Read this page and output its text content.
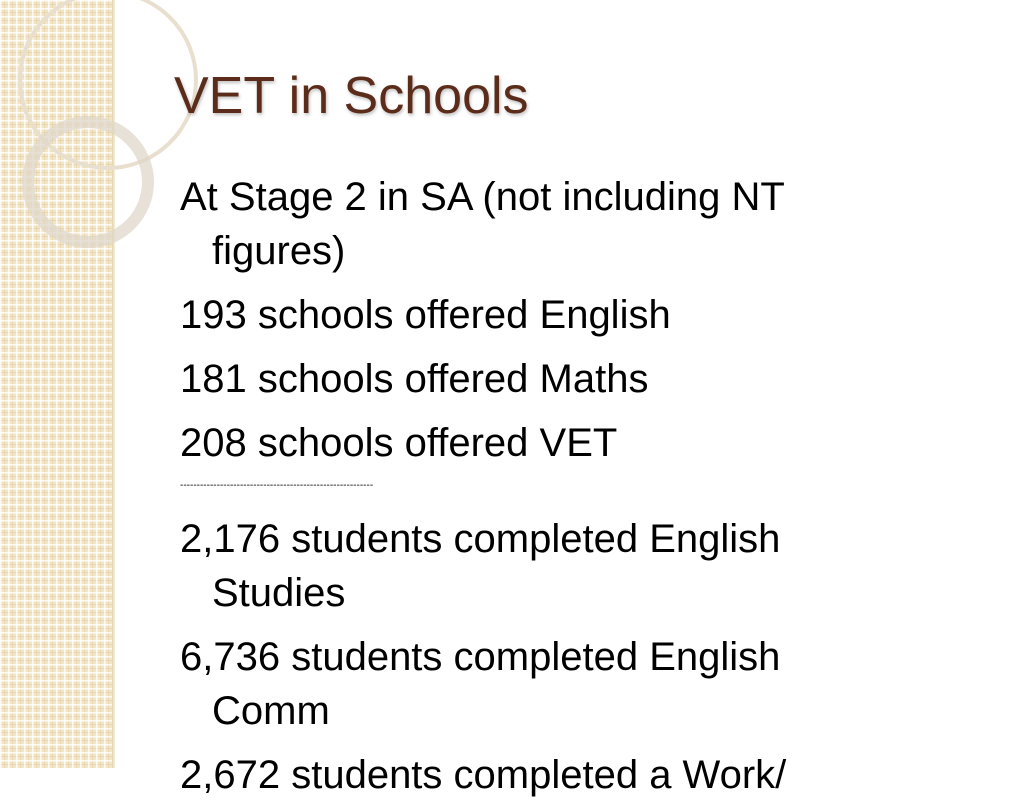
VET in Schools

At Stage 2 in SA (not including NT figures)

193 schools offered English

181 schools offered Maths

208 schools offered VET

----------------------------------------------------------

2,176 students completed English Studies

6,736 students completed English Comm

2,672 students completed a Work/
